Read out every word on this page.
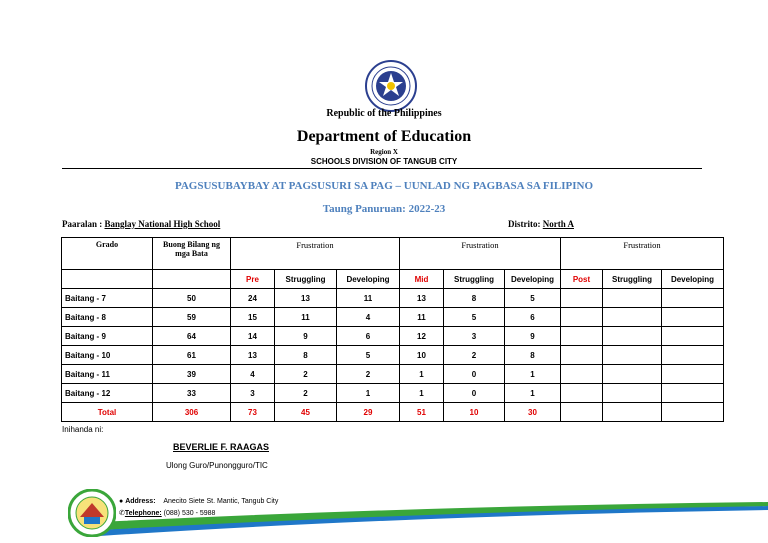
Republic of the Philippines
Department of Education
Region X
SCHOOLS DIVISION OF TANGUB CITY
PAGSUSUBAYBAY AT PAGSUSURI SA PAG – UUNLAD NG PAGBASA SA FILIPINO
Taung Panuruan: 2022-23
Paaralan : Banglay National High School	Distrito: North A
Grado	Buong Bilang ng mga Bata	Frustration			Frustration			Frustration		
		Pre	Struggling	Developing	Mid	Struggling	Developing	Post	Struggling	Developing
Baitang - 7	50	24	13	11	13	8	5			
Baitang - 8	59	15	11	4	11	5	6			
Baitang - 9	64	14	9	6	12	3	9			
Baitang - 10	61	13	8	5	10	2	8			
Baitang - 11	39	4	2	2	1	0	1			
Baitang - 12	33	3	2	1	1	0	1			
Total	306	73	45	29	51	10	30			
Inihanda ni:
BEVERLIE F. RAAGAS
Ulong Guro/Punongguro/TIC
● Address: Anecito Siete St. Mantic, Tangub City
✆Telephone: (088) 530 - 5988
